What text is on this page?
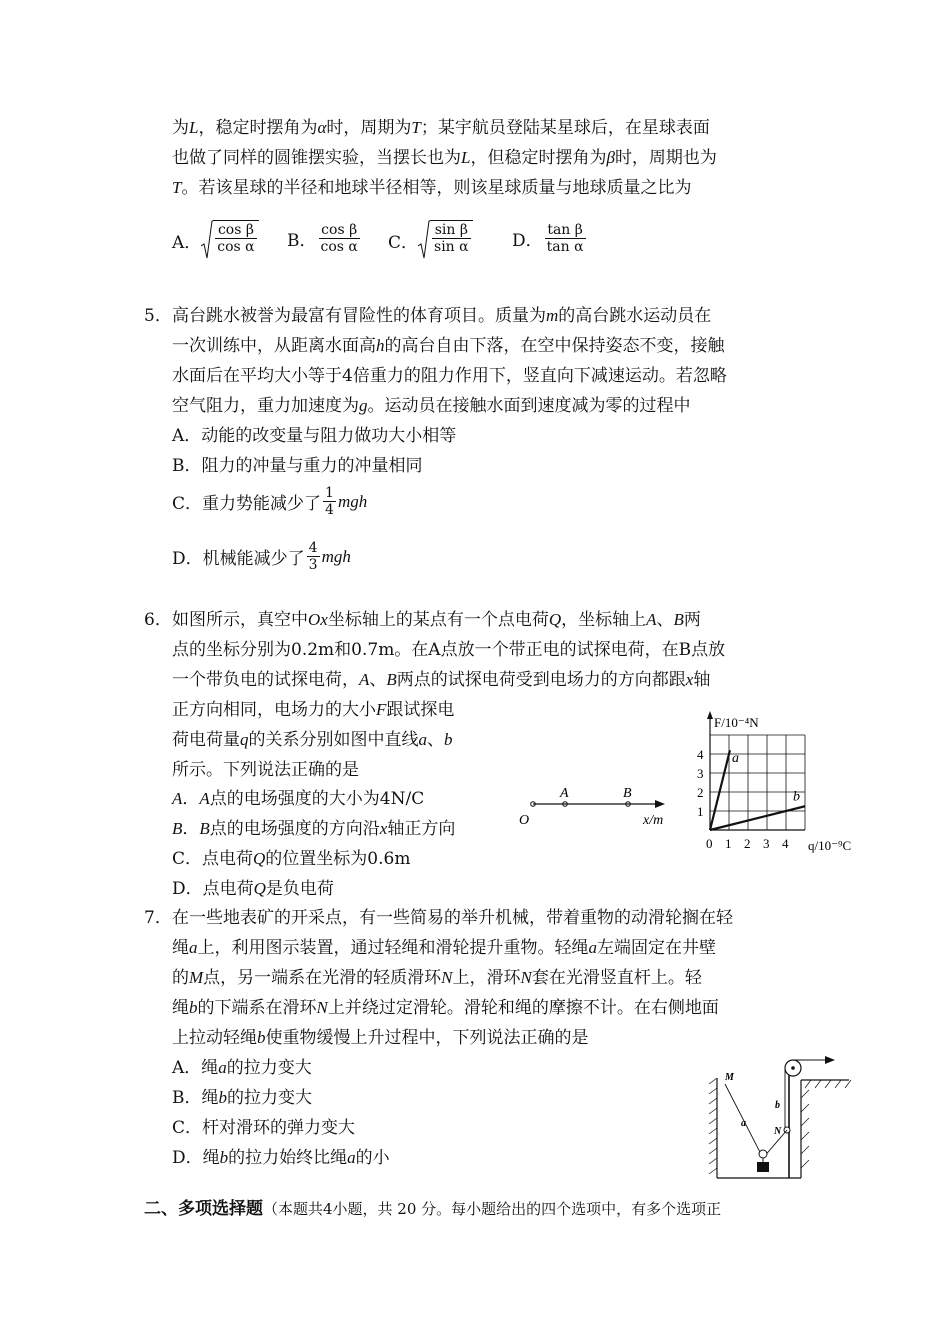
为L，稳定时摆角为α时，周期为T；某宇航员登陆某星球后，在星球表面
也做了同样的圆锥摆实验，当摆长也为L，但稳定时摆角为β时，周期也为
T。若该星球的半径和地球半径相等，则该星球质量与地球质量之比为
A． $\frac{\text{cos β}}{\text{cos α}}$ B． $\frac{\text{cos β}}{\text{cos α}}$ C． $\frac{\text{sin β}}{\text{sin α}}$ D． $\frac{\text{tan β}}{\text{tan α}}$
5． 高台跳水被誉为最富有冒险性的体育项目。质量为m的高台跳水运动员在
一次训练中，从距离水面高h的高台自由下落，在空中保持姿态不变，接触
水面后在平均大小等于4倍重力的阻力作用下，竖直向下减速运动。若忽略
空气阻力，重力加速度为g。运动员在接触水面到速度减为零的过程中
A．动能的改变量与阻力做功大小相等
B．阻力的冲量与重力的冲量相同
C．重力势能减少了 $\frac{1}{4}$ mgh
D．机械能减少了 $\frac{4}{3}$ mgh
6． 如图所示，真空中Ox坐标轴上的某点有一个点电荷Q，坐标轴上A、B两
点的坐标分别为0.2m和0.7m。在A点放一个带正电的试探电荷，在B点放
一个带负电的试探电荷，A、B两点的试探电荷受到电场力的方向都跟x轴
正方向相同，电场力的大小F跟试探电
荷电荷量q的关系分别如图中直线a、b
所示。下列说法正确的是
A．A点的电场强度的大小为4N/C
B．B点的电场强度的方向沿x轴正方向
C．点电荷Q的位置坐标为0.6m
D．点电荷Q是负电荷
A	B
O	x/m
F/10⁻⁴N
q/10⁻⁹C
0 1 2 3 4
1
2
3
4 a
b
7． 在一些地表矿的开采点，有一些简易的举升机械，带着重物的动滑轮搁在轻
绳a上，利用图示装置，通过轻绳和滑轮提升重物。轻绳a左端固定在井壁
的M点，另一端系在光滑的轻质滑环N上，滑环N套在光滑竖直杆上。轻
绳b的下端系在滑环N上并绕过定滑轮。滑轮和绳的摩擦不计。在右侧地面
上拉动轻绳b使重物缓慢上升过程中，下列说法正确的是
A．绳a的拉力变大
B．绳b的拉力变大
C．杆对滑环的弹力变大
D．绳b的拉力始终比绳a的小
M
a
b
N
二、多项选择题（本题共4小题，共 20 分。每小题给出的四个选项中，有多个选项正
